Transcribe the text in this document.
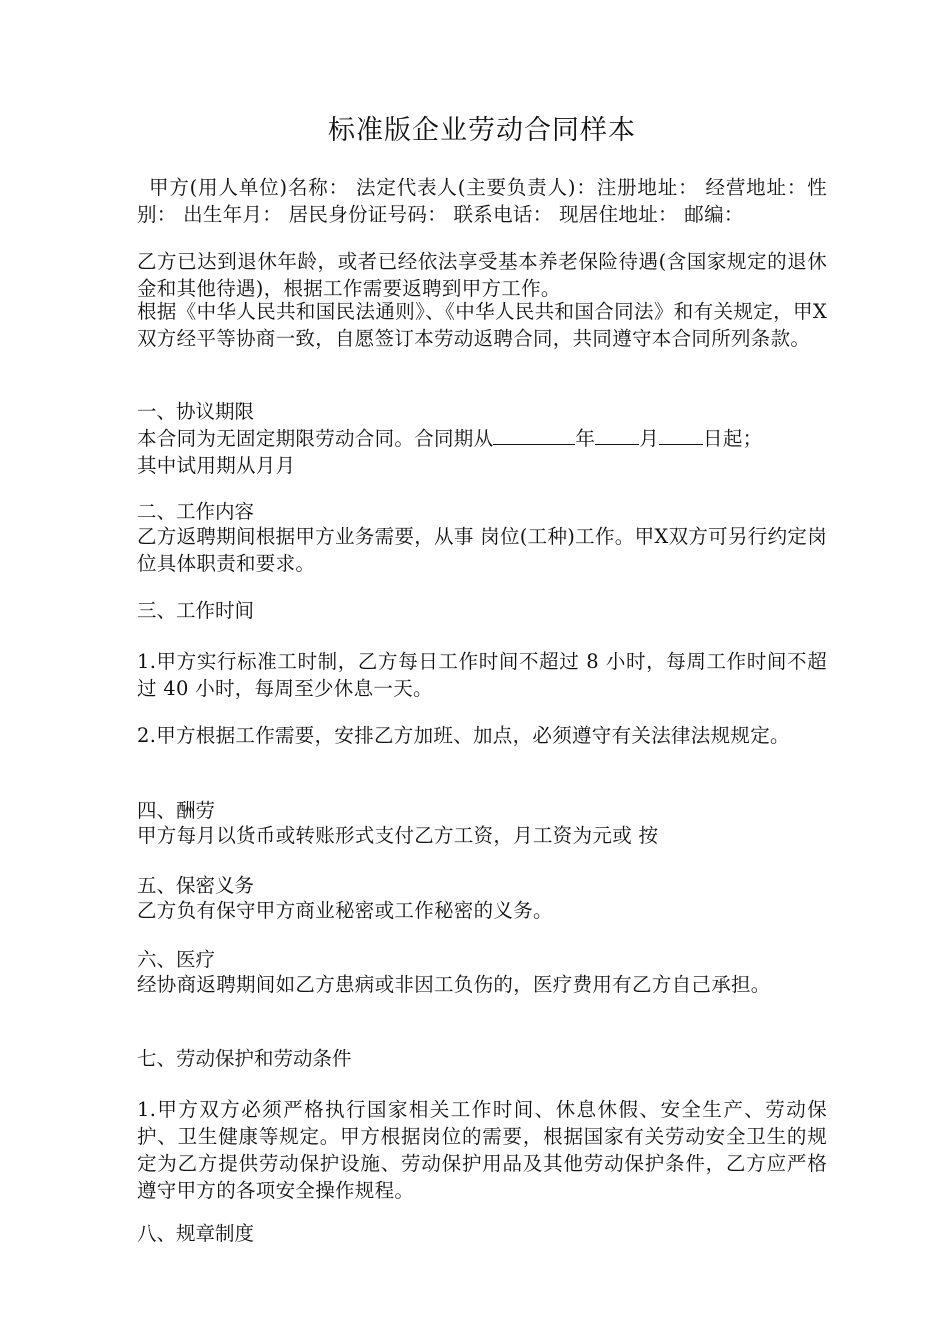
标准版企业劳动合同样本

甲方(用人单位)名称： 法定代表人(主要负责人)：注册地址： 经营地址：性别： 出生年月： 居民身份证号码： 联系电话： 现居住地址： 邮编：

乙方已达到退休年龄，或者已经依法享受基本养老保险待遇(含国家规定的退休金和其他待遇)，根据工作需要返聘到甲方工作。

根据《中华人民共和国民法通则》、《中华人民共和国合同法》和有关规定，甲X双方经平等协商一致，自愿签订本劳动返聘合同，共同遵守本合同所列条款。

一、协议期限

本合同为无固定期限劳动合同。合同期从	年 月 日起；

其中试用期从月月

二、工作内容

乙方返聘期间根据甲方业务需要，从事 岗位(工种)工作。甲X双方可另行约定岗位具体职责和要求。

三、工作时间

1.甲方实行标准工时制，乙方每日工作时间不超过 8 小时，每周工作时间不超过 40 小时，每周至少休息一天。

2.甲方根据工作需要，安排乙方加班、加点，必须遵守有关法律法规规定。

四、酬劳

甲方每月以货币或转账形式支付乙方工资，月工资为元或 按

五、保密义务

乙方负有保守甲方商业秘密或工作秘密的义务。

六、医疗

经协商返聘期间如乙方患病或非因工负伤的，医疗费用有乙方自己承担。

七、劳动保护和劳动条件

1.甲方双方必须严格执行国家相关工作时间、休息休假、安全生产、劳动保护、卫生健康等规定。甲方根据岗位的需要，根据国家有关劳动安全卫生的规定为乙方提供劳动保护设施、劳动保护用品及其他劳动保护条件，乙方应严格遵守甲方的各项安全操作规程。

八、规章制度
